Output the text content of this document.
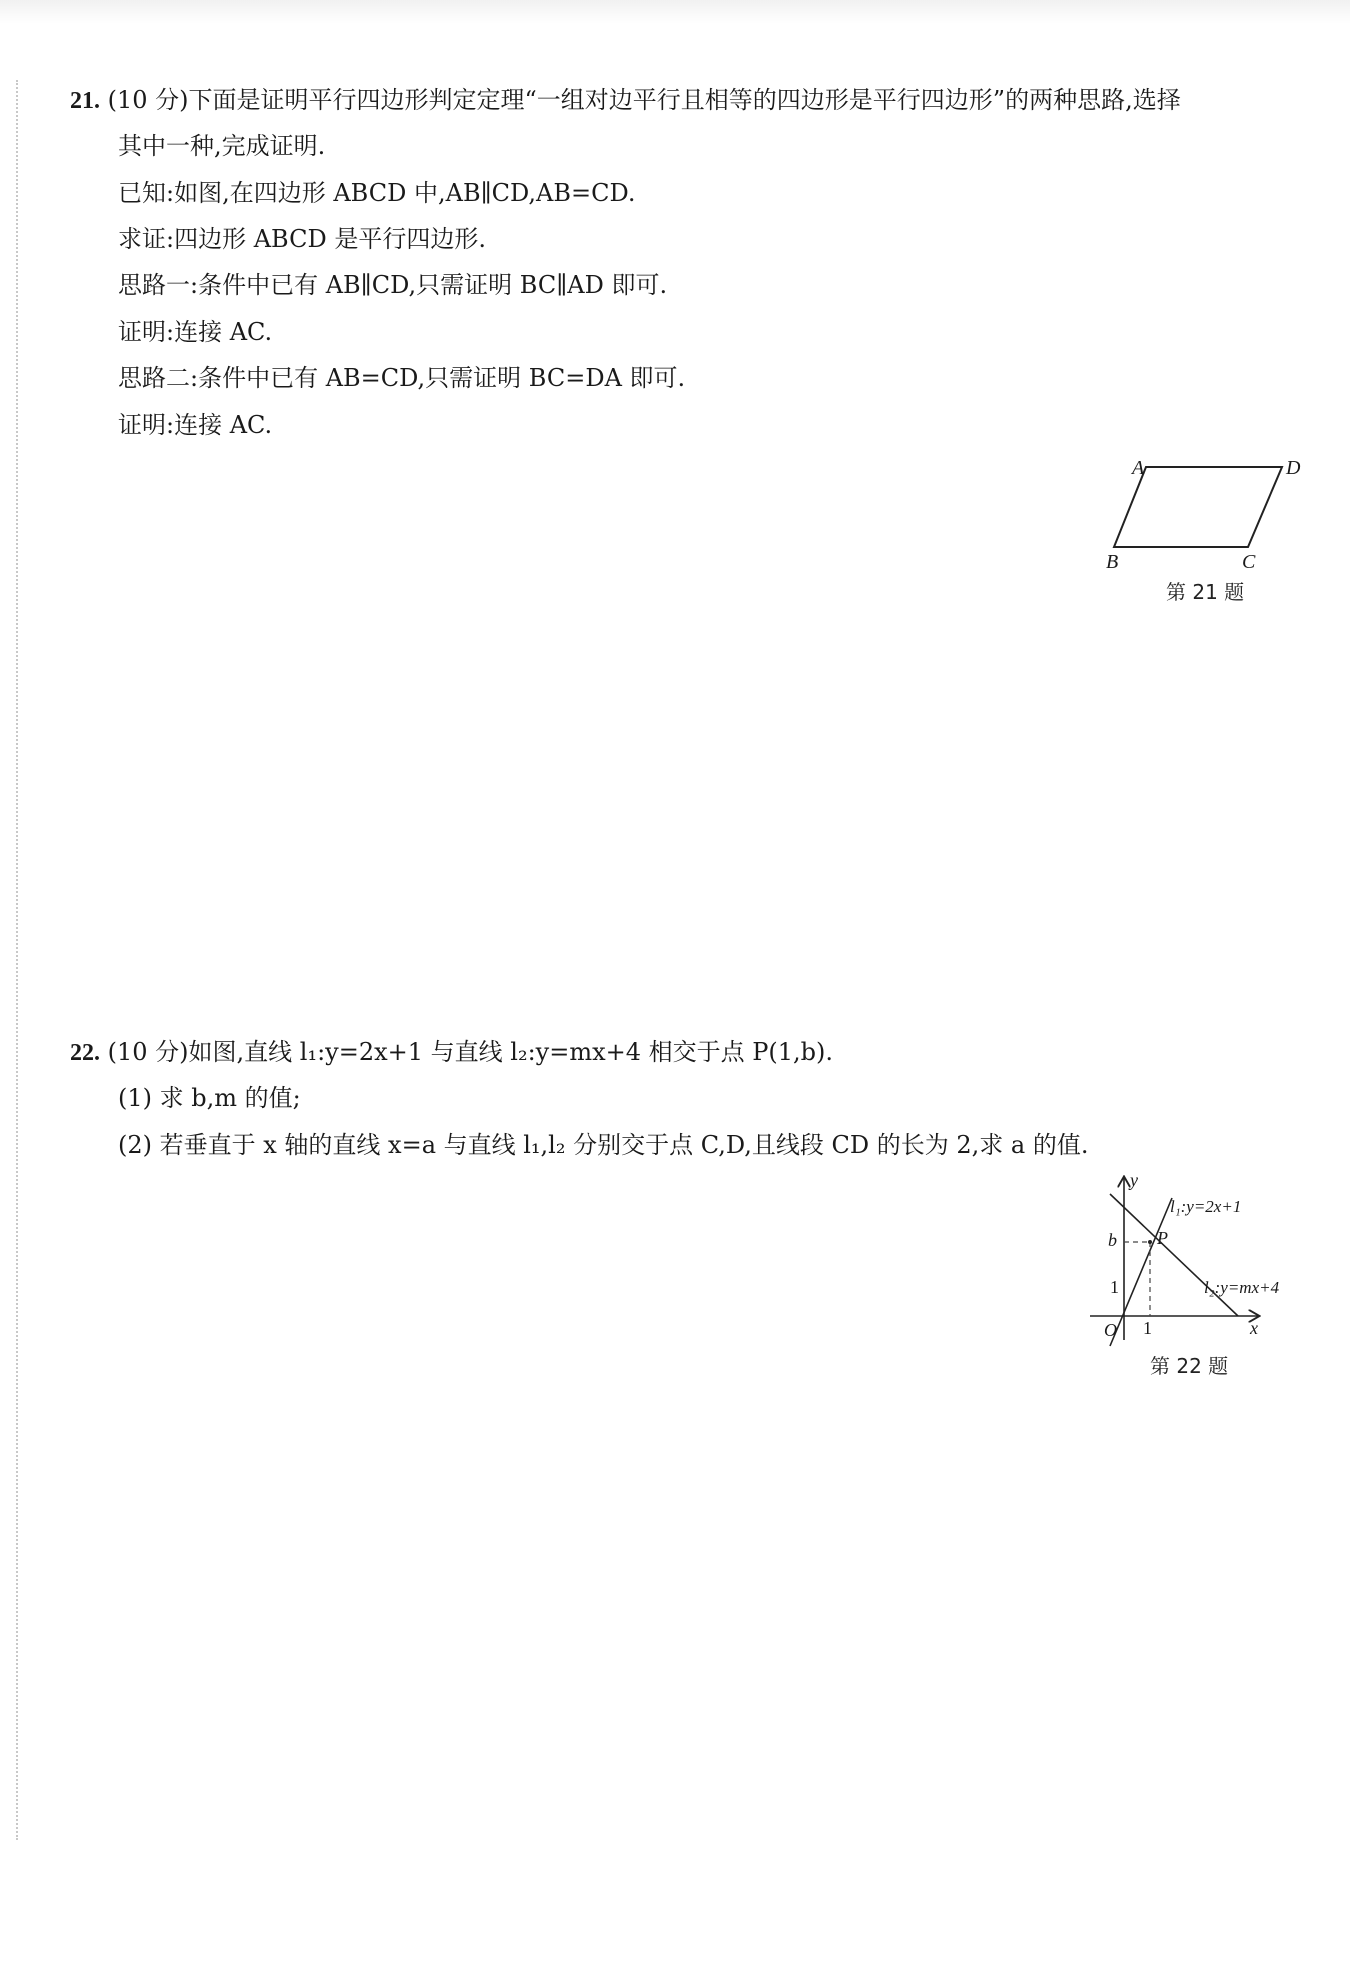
21. (10 分)下面是证明平行四边形判定定理“一组对边平行且相等的四边形是平行四边形”的两种思路,选择
其中一种,完成证明.
已知:如图,在四边形 ABCD 中,AB∥CD,AB=CD.
求证:四边形 ABCD 是平行四边形.
思路一:条件中已有 AB∥CD,只需证明 BC∥AD 即可.
证明:连接 AC.
思路二:条件中已有 AB=CD,只需证明 BC=DA 即可.
证明:连接 AC.
A	D
B	C
第 21 题
22. (10 分)如图,直线 l₁:y=2x+1 与直线 l₂:y=mx+4 相交于点 P(1,b).
(1) 求 b,m 的值;
(2) 若垂直于 x 轴的直线 x=a 与直线 l₁,l₂ 分别交于点 C,D,且线段 CD 的长为 2,求 a 的值.
y
x
O
b
1
1
P
l₁:y=2x+1
l₂:y=mx+4
第 22 题
